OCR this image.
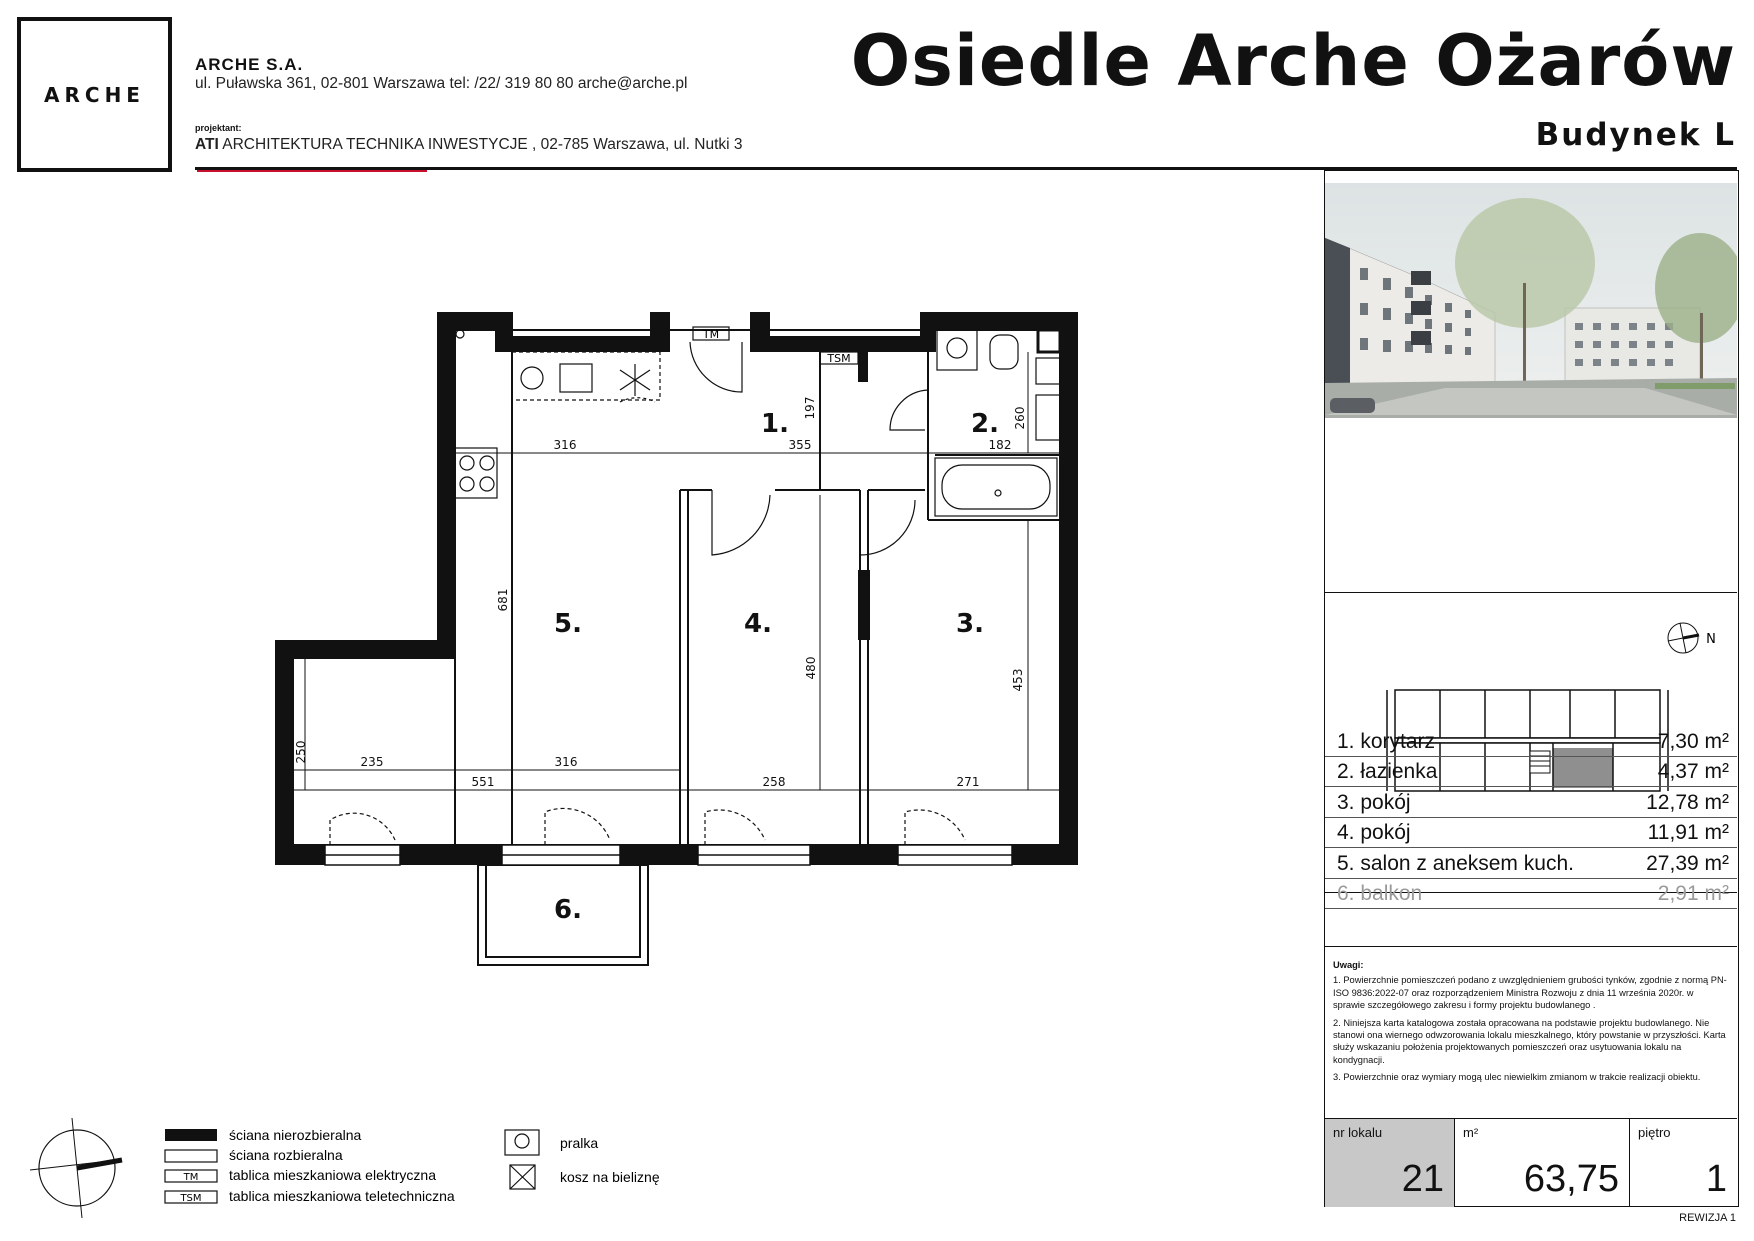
ARCHE
ARCHE S.A.
ul. Puławska 361, 02-801 Warszawa tel: /22/ 319 80 80 arche@arche.pl
projektant:
ATI ARCHITEKTURA TECHNIKA INWESTYCJE , 02-785 Warszawa, ul. Nutki 3
Osiedle Arche Ożarów
Budynek L
TM
TSM
316	355	182
197	260
681
480
453
250	235	316
551	258	271
1.	2.
3.
4.
5.
6.
TM
TSM
ściana nierozbieralna
ściana rozbieralna
tablica mieszkaniowa elektryczna
tablica mieszkaniowa teletechniczna
pralka
kosz na bieliznę
N
1. korytarz	7,30 m²
2. łazienka	4,37 m²
3. pokój	12,78 m²
4. pokój	11,91 m²
5. salon z aneksem kuch.	27,39 m²
6. balkon	2,91 m²
Uwagi:
1. Powierzchnie pomieszczeń podano z uwzględnieniem grubości tynków, zgodnie z normą PN-ISO 9836:2022-07 oraz rozporządzeniem Ministra Rozwoju z dnia 11 września 2020r. w sprawie szczegółowego zakresu i formy projektu budowlanego .
2. Niniejsza karta katalogowa została opracowana na podstawie projektu budowlanego. Nie stanowi ona wiernego odwzorowania lokalu mieszkalnego, który powstanie w przyszłości. Karta służy wskazaniu położenia projektowanych pomieszczeń oraz usytuowania lokalu na kondygnacji.
3. Powierzchnie oraz wymiary mogą ulec niewielkim zmianom w trakcie realizacji obiektu.
nr lokalu
21
m²
63,75
piętro
1
REWIZJA 1
